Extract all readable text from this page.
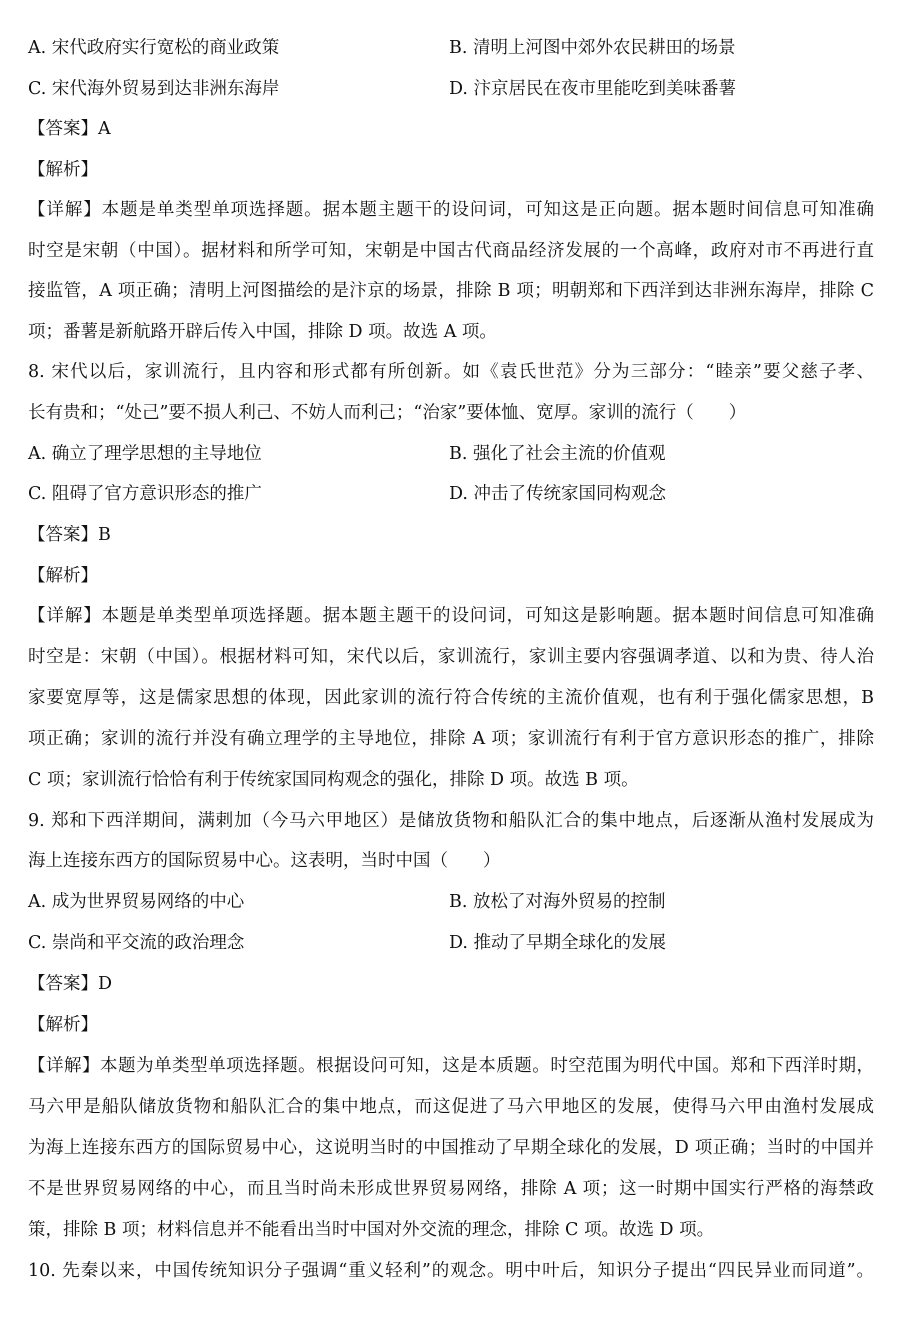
A. 宋代政府实行宽松的商业政策	B. 清明上河图中郊外农民耕田的场景
C. 宋代海外贸易到达非洲东海岸	D. 汴京居民在夜市里能吃到美味番薯
【答案】A
【解析】
【详解】本题是单类型单项选择题。据本题主题干的设问词，可知这是正向题。据本题时间信息可知准确
时空是宋朝（中国）。据材料和所学可知，宋朝是中国古代商品经济发展的一个高峰，政府对市不再进行直
接监管，A 项正确；清明上河图描绘的是汴京的场景，排除 B 项；明朝郑和下西洋到达非洲东海岸，排除 C
项；番薯是新航路开辟后传入中国，排除 D 项。故选 A 项。
8. 宋代以后，家训流行，且内容和形式都有所创新。如《袁氏世范》分为三部分：“睦亲”要父慈子孝、
长有贵和；“处己”要不损人利己、不妨人而利己；“治家”要体恤、宽厚。家训的流行（　　）
A. 确立了理学思想的主导地位	B. 强化了社会主流的价值观
C. 阻碍了官方意识形态的推广	D. 冲击了传统家国同构观念
【答案】B
【解析】
【详解】本题是单类型单项选择题。据本题主题干的设问词，可知这是影响题。据本题时间信息可知准确
时空是：宋朝（中国）。根据材料可知，宋代以后，家训流行，家训主要内容强调孝道、以和为贵、待人治
家要宽厚等，这是儒家思想的体现，因此家训的流行符合传统的主流价值观，也有利于强化儒家思想，B
项正确；家训的流行并没有确立理学的主导地位，排除 A 项；家训流行有利于官方意识形态的推广，排除
C 项；家训流行恰恰有利于传统家国同构观念的强化，排除 D 项。故选 B 项。
9. 郑和下西洋期间，满剌加（今马六甲地区）是储放货物和船队汇合的集中地点，后逐渐从渔村发展成为
海上连接东西方的国际贸易中心。这表明，当时中国（　　）
A. 成为世界贸易网络的中心	B. 放松了对海外贸易的控制
C. 崇尚和平交流的政治理念	D. 推动了早期全球化的发展
【答案】D
【解析】
【详解】本题为单类型单项选择题。根据设问可知，这是本质题。时空范围为明代中国。郑和下西洋时期，
马六甲是船队储放货物和船队汇合的集中地点，而这促进了马六甲地区的发展，使得马六甲由渔村发展成
为海上连接东西方的国际贸易中心，这说明当时的中国推动了早期全球化的发展，D 项正确；当时的中国并
不是世界贸易网络的中心，而且当时尚未形成世界贸易网络，排除 A 项；这一时期中国实行严格的海禁政
策，排除 B 项；材料信息并不能看出当时中国对外交流的理念，排除 C 项。故选 D 项。
10. 先秦以来，中国传统知识分子强调“重义轻利”的观念。明中叶后，知识分子提出“四民异业而同道”。
